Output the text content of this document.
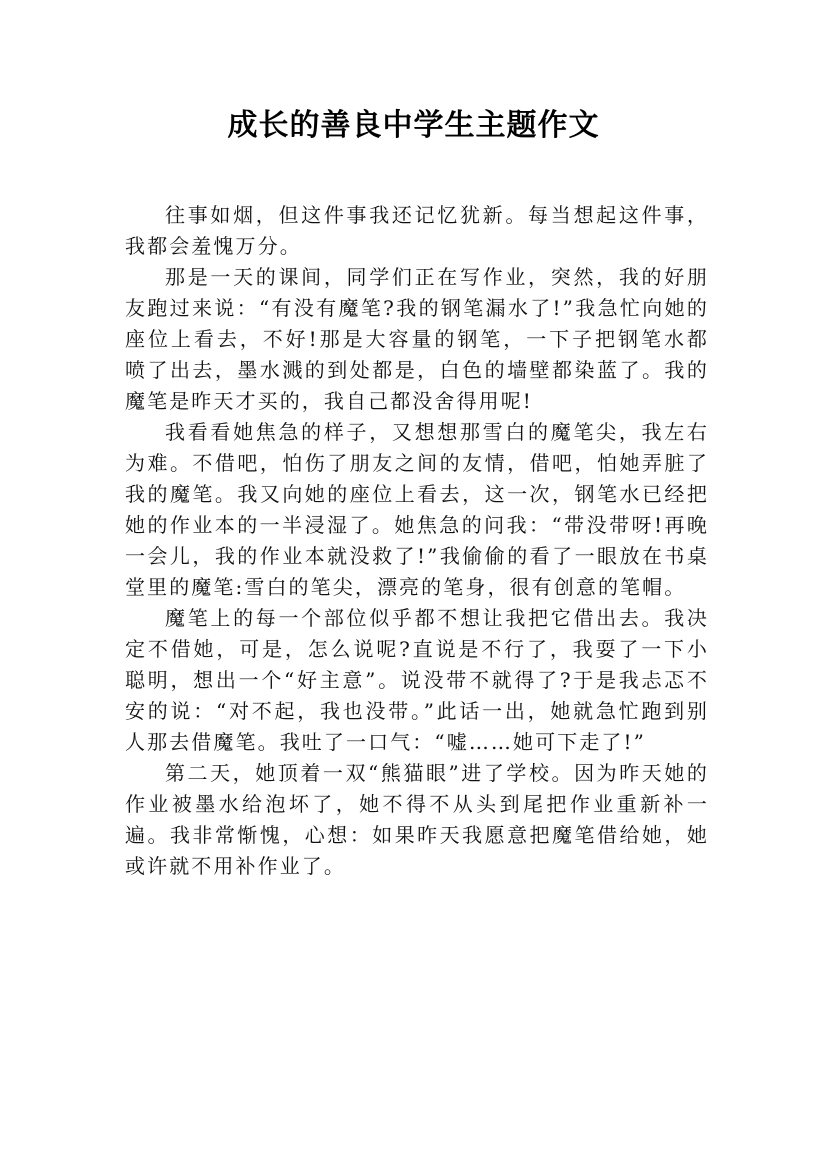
成长的善良中学生主题作文

往事如烟，但这件事我还记忆犹新。每当想起这件事，我都会羞愧万分。

那是一天的课间，同学们正在写作业，突然，我的好朋友跑过来说：“有没有魔笔?我的钢笔漏水了!”我急忙向她的座位上看去，不好!那是大容量的钢笔，一下子把钢笔水都喷了出去，墨水溅的到处都是，白色的墙壁都染蓝了。我的魔笔是昨天才买的，我自己都没舍得用呢!

我看看她焦急的样子，又想想那雪白的魔笔尖，我左右为难。不借吧，怕伤了朋友之间的友情，借吧，怕她弄脏了我的魔笔。我又向她的座位上看去，这一次，钢笔水已经把她的作业本的一半浸湿了。她焦急的问我：“带没带呀!再晚一会儿，我的作业本就没救了!”我偷偷的看了一眼放在书桌堂里的魔笔:雪白的笔尖，漂亮的笔身，很有创意的笔帽。

魔笔上的每一个部位似乎都不想让我把它借出去。我决定不借她，可是，怎么说呢?直说是不行了，我耍了一下小聪明，想出一个“好主意”。说没带不就得了?于是我忐忑不安的说：“对不起，我也没带。”此话一出，她就急忙跑到别人那去借魔笔。我吐了一口气：“嘘……她可下走了!”

第二天，她顶着一双“熊猫眼”进了学校。因为昨天她的作业被墨水给泡坏了，她不得不从头到尾把作业重新补一遍。我非常惭愧，心想：如果昨天我愿意把魔笔借给她，她或许就不用补作业了。
